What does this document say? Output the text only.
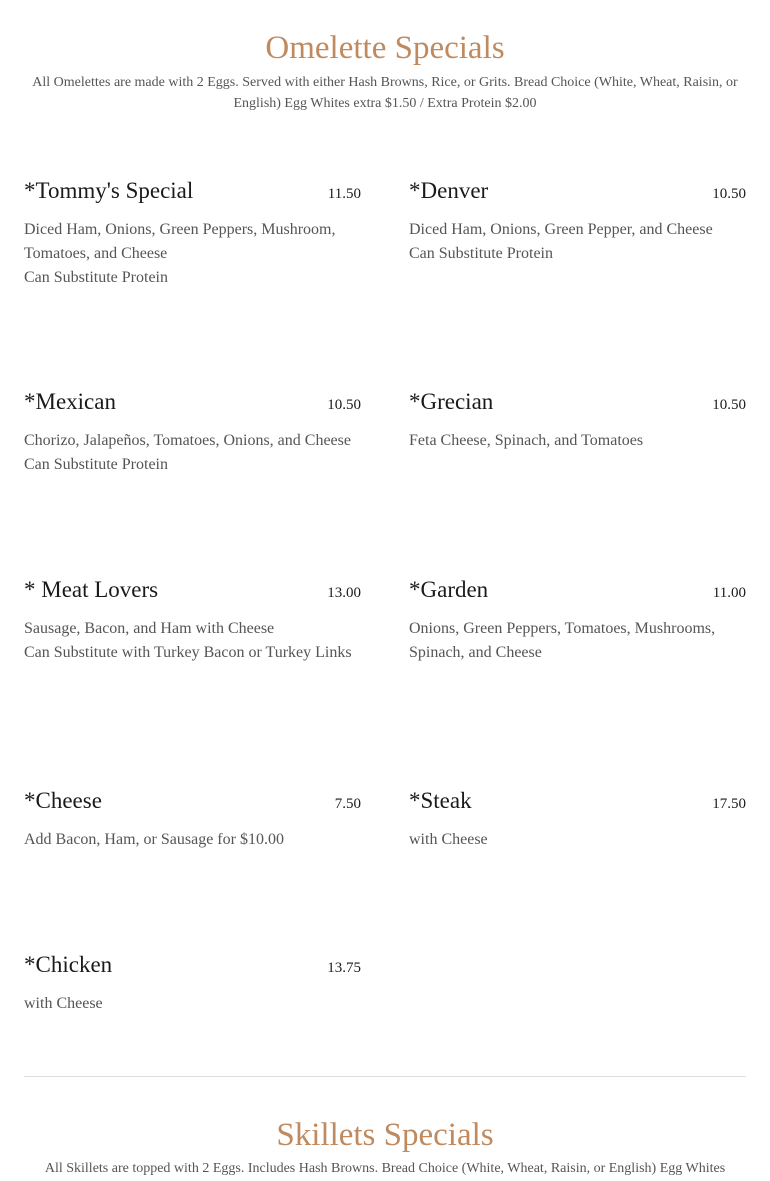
Omelette Specials

All Omelettes are made with 2 Eggs. Served with either Hash Browns, Rice, or Grits. Bread Choice (White, Wheat, Raisin, or English) Egg Whites extra $1.50 / Extra Protein $2.00

*Tommy's Special	11.50
Diced Ham, Onions, Green Peppers, Mushroom, Tomatoes, and Cheese
Can Substitute Protein
*Denver	10.50
Diced Ham, Onions, Green Pepper, and Cheese
Can Substitute Protein
*Mexican	10.50
Chorizo, Jalapeños, Tomatoes, Onions, and Cheese
Can Substitute Protein
*Grecian	10.50
Feta Cheese, Spinach, and Tomatoes
* Meat Lovers	13.00
Sausage, Bacon, and Ham with Cheese
Can Substitute with Turkey Bacon or Turkey Links
*Garden	11.00
Onions, Green Peppers, Tomatoes, Mushrooms, Spinach, and Cheese
*Cheese	7.50
Add Bacon, Ham, or Sausage for $10.00
*Steak	17.50
with Cheese
*Chicken	13.75
with Cheese
Skillets Specials

All Skillets are topped with 2 Eggs. Includes Hash Browns. Bread Choice (White, Wheat, Raisin, or English) Egg Whites
